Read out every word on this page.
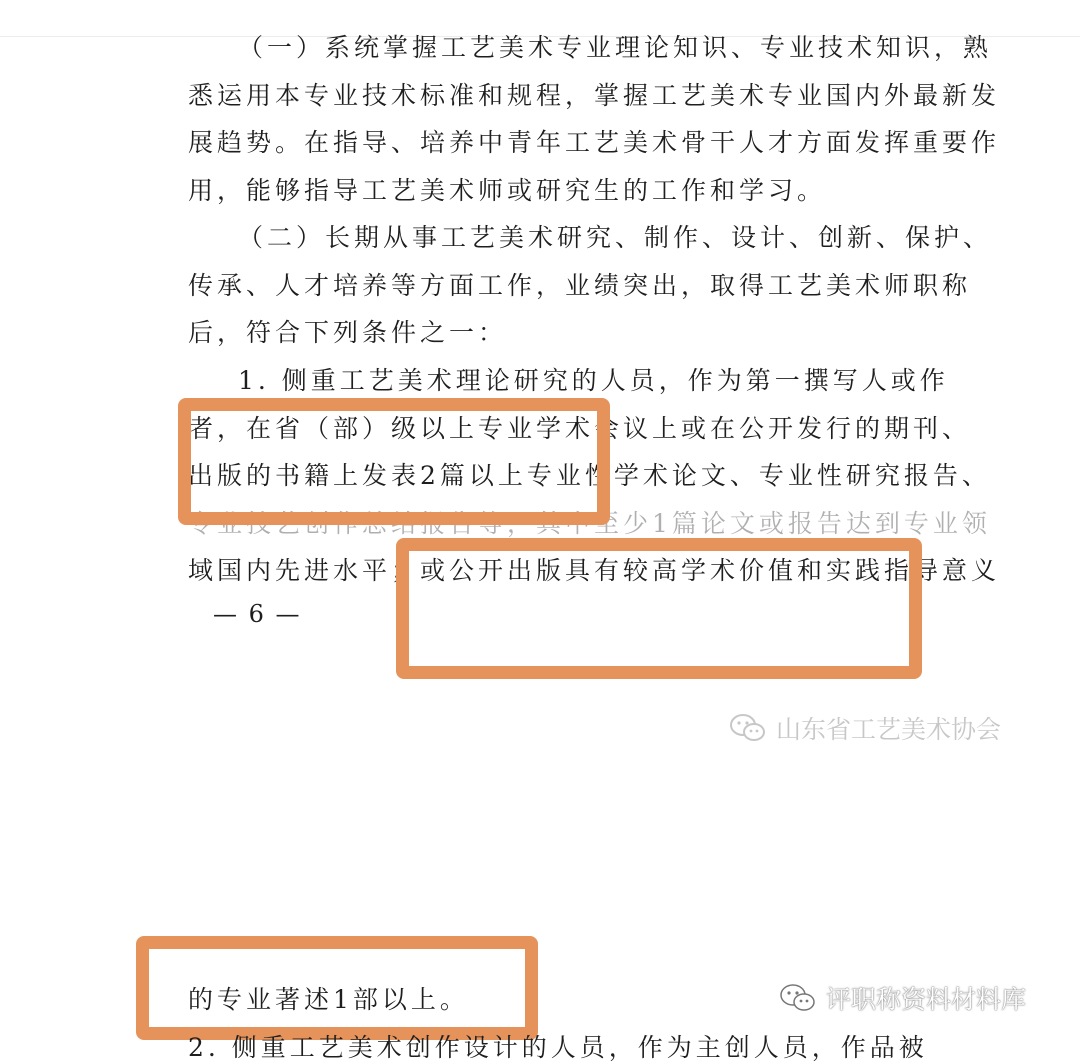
（一）系统掌握工艺美术专业理论知识、专业技术知识，熟
悉运用本专业技术标准和规程，掌握工艺美术专业国内外最新发
展趋势。在指导、培养中青年工艺美术骨干人才方面发挥重要作
用，能够指导工艺美术师或研究生的工作和学习。
（二）长期从事工艺美术研究、制作、设计、创新、保护、
传承、人才培养等方面工作，业绩突出，取得工艺美术师职称
后，符合下列条件之一：
1. 侧重工艺美术理论研究的人员，作为第一撰写人或作
者，在省（部）级以上专业学术会议上或在公开发行的期刊、
出版的书籍上发表2篇以上专业性学术论文、专业性研究报告、
专业技艺创作总结报告等，其中至少1篇论文或报告达到专业领
域国内先进水平；或公开出版具有较高学术价值和实践指导意义
— 6 —
的专业著述1部以上。
2. 侧重工艺美术创作设计的人员，作为主创人员，作品被
山东省工艺美术协会
评职称资料材料库
